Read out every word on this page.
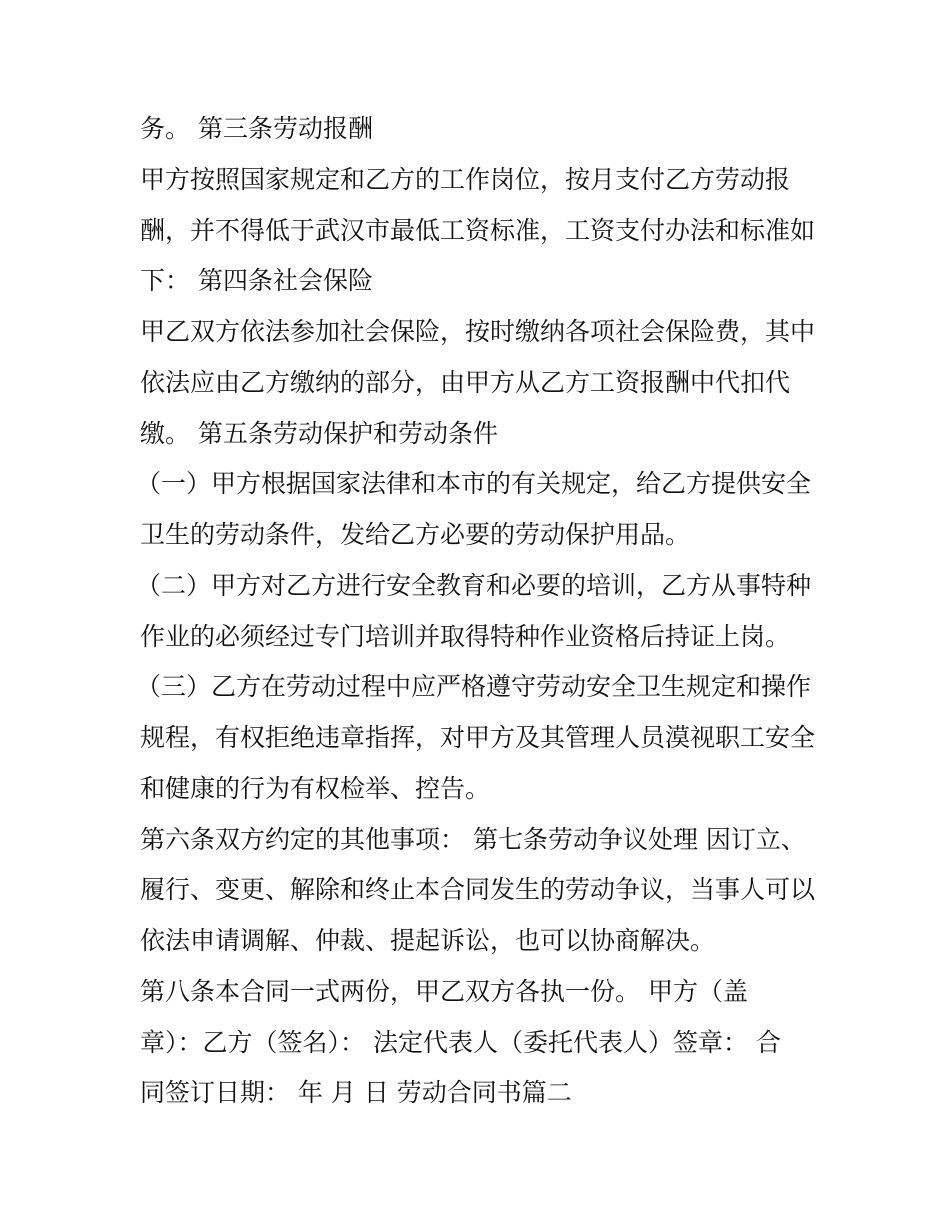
务。 第三条劳动报酬
甲方按照国家规定和乙方的工作岗位，按月支付乙方劳动报
酬，并不得低于武汉市最低工资标准，工资支付办法和标准如
下： 第四条社会保险
甲乙双方依法参加社会保险，按时缴纳各项社会保险费，其中
依法应由乙方缴纳的部分，由甲方从乙方工资报酬中代扣代
缴。 第五条劳动保护和劳动条件
（一）甲方根据国家法律和本市的有关规定，给乙方提供安全
卫生的劳动条件，发给乙方必要的劳动保护用品。
（二）甲方对乙方进行安全教育和必要的培训，乙方从事特种
作业的必须经过专门培训并取得特种作业资格后持证上岗。
（三）乙方在劳动过程中应严格遵守劳动安全卫生规定和操作
规程，有权拒绝违章指挥，对甲方及其管理人员漠视职工安全
和健康的行为有权检举、控告。
第六条双方约定的其他事项： 第七条劳动争议处理 因订立、
履行、变更、解除和终止本合同发生的劳动争议，当事人可以
依法申请调解、仲裁、提起诉讼，也可以协商解决。
第八条本合同一式两份，甲乙双方各执一份。 甲方（盖
章）：乙方（签名）： 法定代表人（委托代表人）签章： 合
同签订日期： 年 月 日 劳动合同书篇二
